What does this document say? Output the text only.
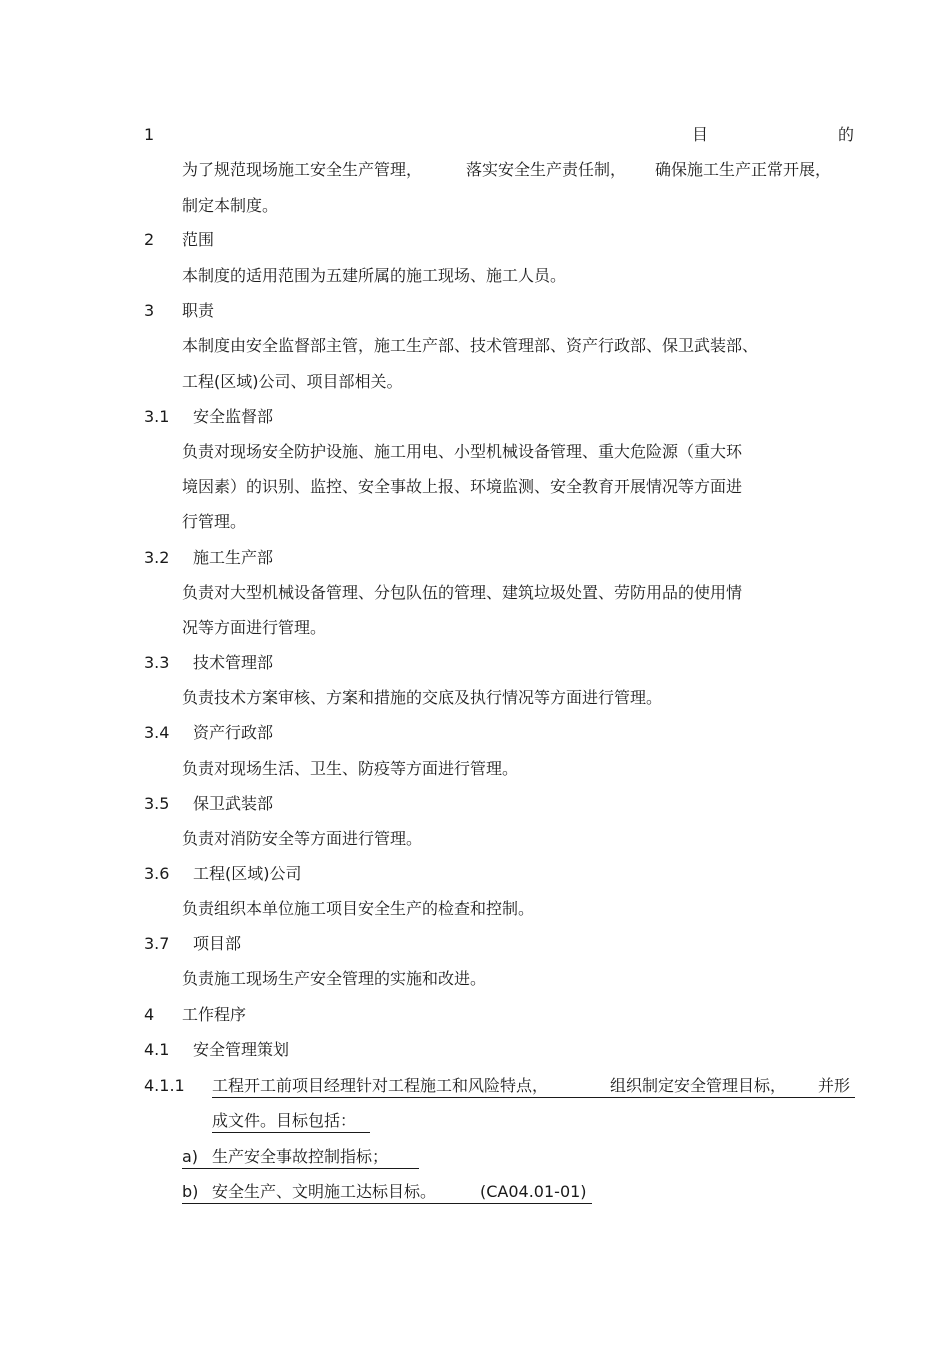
1	目	的
为了规范现场施工安全生产管理，	落实安全生产责任制， 确保施工生产正常开展，
制定本制度。
2 范围
本制度的适用范围为五建所属的施工现场、施工人员。
3 职责
本制度由安全监督部主管，施工生产部、技术管理部、资产行政部、保卫武装部、
工程(区域)公司、项目部相关。
3.1 安全监督部
负责对现场安全防护设施、施工用电、小型机械设备管理、重大危险源（重大环
境因素）的识别、监控、安全事故上报、环境监测、安全教育开展情况等方面进
行管理。
3.2 施工生产部
负责对大型机械设备管理、分包队伍的管理、建筑垃圾处置、劳防用品的使用情
况等方面进行管理。
3.3 技术管理部
负责技术方案审核、方案和措施的交底及执行情况等方面进行管理。
3.4 资产行政部
负责对现场生活、卫生、防疫等方面进行管理。
3.5 保卫武装部
负责对消防安全等方面进行管理。
3.6 工程(区域)公司
负责组织本单位施工项目安全生产的检查和控制。
3.7 项目部
负责施工现场生产安全管理的实施和改进。
4 工作程序
4.1 安全管理策划
4.1.1 工程开工前项目经理针对工程施工和风险特点，	组织制定安全管理目标， 并形
成文件。目标包括：
a) 生产安全事故控制指标；
b) 安全生产、文明施工达标目标。	(CA04.01-01)
